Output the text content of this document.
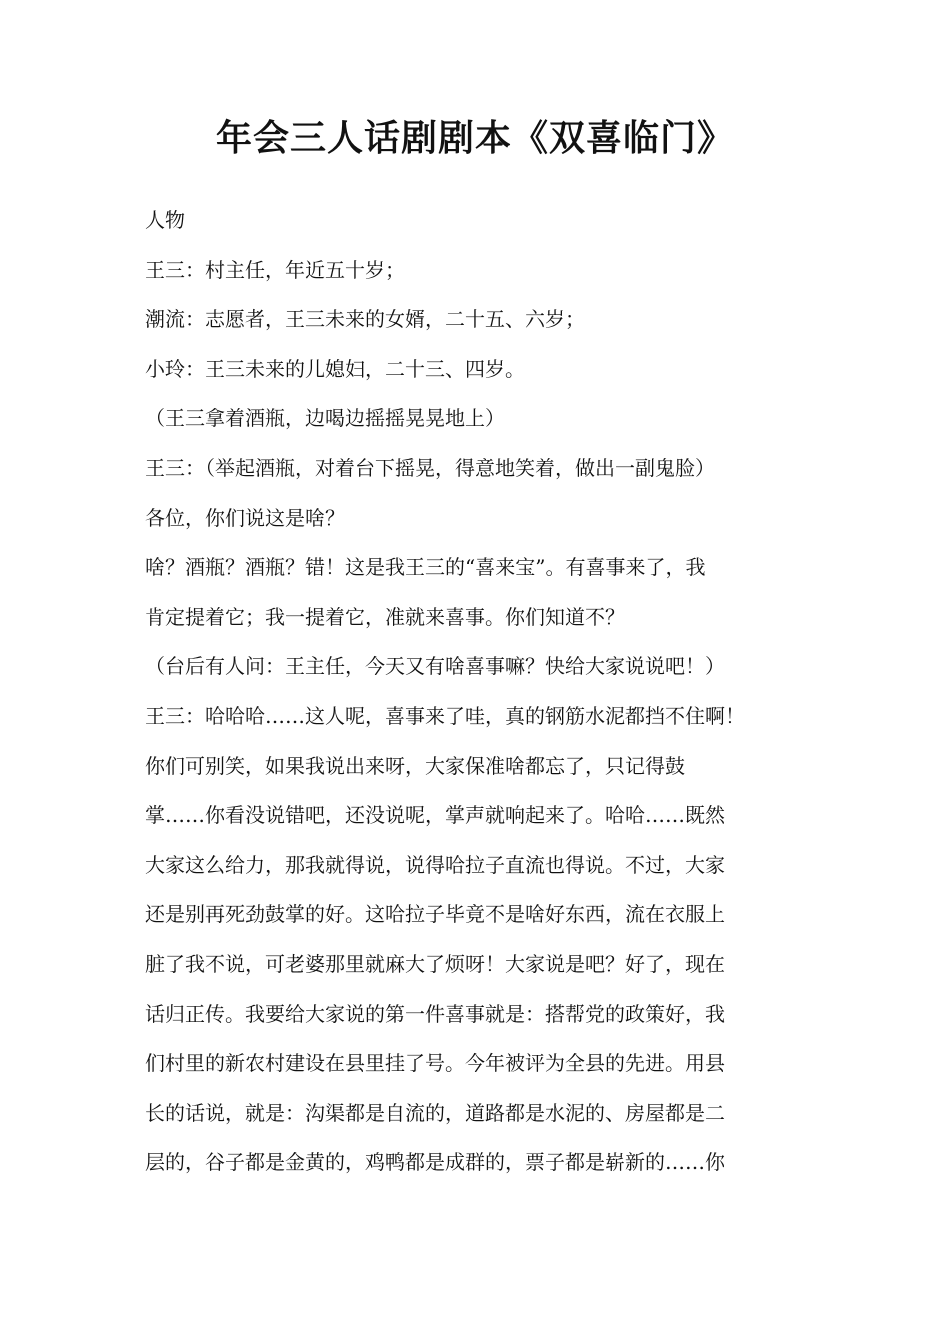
年会三人话剧剧本《双喜临门》
人物
王三：村主任，年近五十岁；
潮流：志愿者，王三未来的女婿，二十五、六岁；
小玲：王三未来的儿媳妇，二十三、四岁。
（王三拿着酒瓶，边喝边摇摇晃晃地上）
王三：（举起酒瓶，对着台下摇晃，得意地笑着，做出一副鬼脸）
各位，你们说这是啥？
啥？酒瓶？酒瓶？错！这是我王三的“喜来宝”。有喜事来了，我
肯定提着它；我一提着它，准就来喜事。你们知道不？
（台后有人问：王主任，今天又有啥喜事嘛？快给大家说说吧！）
王三：哈哈哈……这人呢，喜事来了哇，真的钢筋水泥都挡不住啊！
你们可别笑，如果我说出来呀，大家保准啥都忘了，只记得鼓
掌……你看没说错吧，还没说呢，掌声就响起来了。哈哈……既然
大家这么给力，那我就得说，说得哈拉子直流也得说。不过，大家
还是别再死劲鼓掌的好。这哈拉子毕竟不是啥好东西，流在衣服上
脏了我不说，可老婆那里就麻大了烦呀！大家说是吧？好了，现在
话归正传。我要给大家说的第一件喜事就是：搭帮党的政策好，我
们村里的新农村建设在县里挂了号。今年被评为全县的先进。用县
长的话说，就是：沟渠都是自流的，道路都是水泥的、房屋都是二
层的，谷子都是金黄的，鸡鸭都是成群的，票子都是崭新的……你
